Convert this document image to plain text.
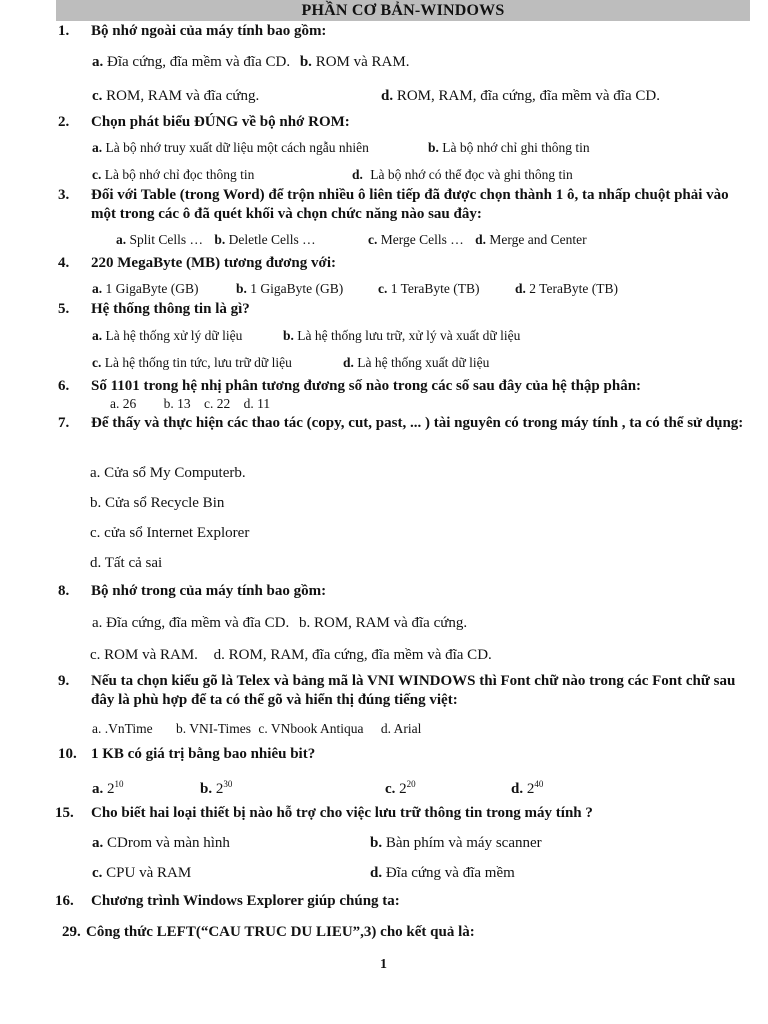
PHẦN CƠ BẢN-WINDOWS
1. Bộ nhớ ngoài của máy tính bao gồm:
a. Đĩa cứng, đĩa mềm và đĩa CD. b. ROM và RAM.
c. ROM, RAM và đĩa cứng.	d. ROM, RAM, đĩa cứng, đĩa mềm và đĩa CD.
2. Chọn phát biểu ĐÚNG về bộ nhớ ROM:
a. Là bộ nhớ truy xuất dữ liệu một cách ngẫu nhiên	b. Là bộ nhớ chỉ ghi thông tin
c. Là bộ nhớ chỉ đọc thông tin	d. Là bộ nhớ có thể đọc và ghi thông tin
3. Đối với Table (trong Word) để trộn nhiều ô liên tiếp đã được chọn thành 1 ô, ta nhấp chuột phải vào một trong các ô đã quét khối và chọn chức năng nào sau đây:
a. Split Cells … b. Deletle Cells …	c. Merge Cells … d. Merge and Center
4. 220 MegaByte (MB) tương đương với:
a. 1 GigaByte (GB)	b. 1 GigaByte (GB)	c. 1 TeraByte (TB)	d. 2 TeraByte (TB)
5. Hệ thống thông tin là gì?
a. Là hệ thống xử lý dữ liệu	b. Là hệ thống lưu trữ, xử lý và xuất dữ liệu
c. Là hệ thống tin tức, lưu trữ dữ liệu	d. Là hệ thống xuất dữ liệu
6. Số 1101 trong hệ nhị phân tương đương số nào trong các số sau đây của hệ thập phân:
a. 26 b. 13 c. 22 d. 11
7. Để thấy và thực hiện các thao tác (copy, cut, past, ... ) tài nguyên có trong máy tính , ta có thể sử dụng:
a. Cửa sổ My Computerb.
b. Cửa sổ Recycle Bin
c. cửa sổ Internet Explorer
d. Tất cả sai
8. Bộ nhớ trong của máy tính bao gồm:
a. Đĩa cứng, đĩa mềm và đĩa CD. b. ROM, RAM và đĩa cứng.
c. ROM và RAM. d. ROM, RAM, đĩa cứng, đĩa mềm và đĩa CD.
9. Nếu ta chọn kiểu gõ là Telex và bảng mã là VNI WINDOWS thì Font chữ nào trong các Font chữ sau đây là phù hợp để ta có thể gõ và hiển thị đúng tiếng việt:
a. .VnTime b. VNI-Times c. VNbook Antiqua d. Arial
10. 1 KB có giá trị bằng bao nhiêu bit?
a. $2^{10}$	b. $2^{30}$	c. $2^{20}$	d. $2^{40}$
15. Cho biết hai loại thiết bị nào hỗ trợ cho việc lưu trữ thông tin trong máy tính ?
a. CDrom và màn hình	b. Bàn phím và máy scanner
c. CPU và RAM	d. Đĩa cứng và đĩa mềm
16. Chương trình Windows Explorer giúp chúng ta:
29. Công thức LEFT(“CAU TRUC DU LIEU”,3) cho kết quả là:
1
